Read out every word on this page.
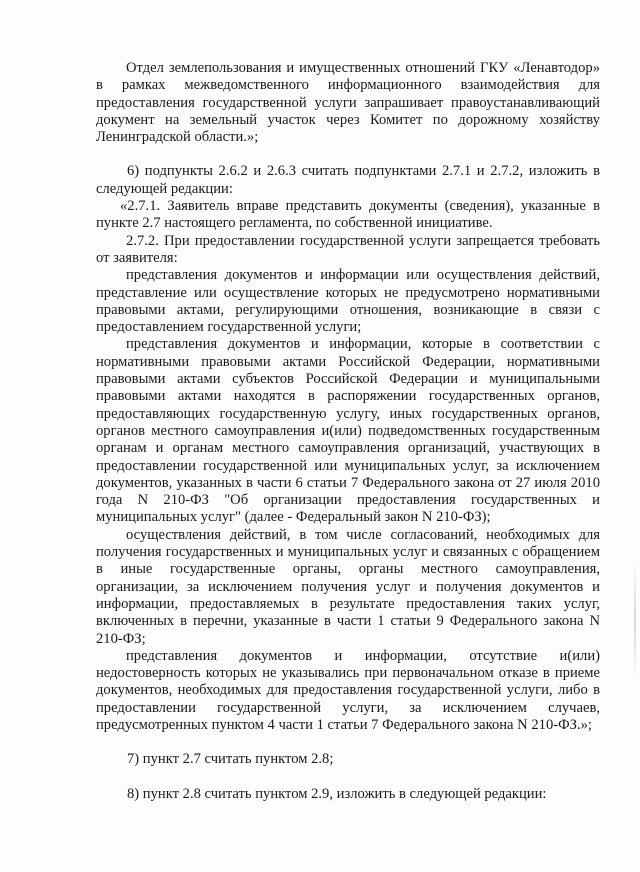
Отдел землепользования и имущественных отношений ГКУ «Ленавтодор» в рамках межведомственного информационного взаимодействия для предоставления государственной услуги запрашивает правоустанавливающий документ на земельный участок через Комитет по дорожному хозяйству Ленинградской области.»;

6) подпункты 2.6.2 и 2.6.3 считать подпунктами 2.7.1 и 2.7.2, изложить в следующей редакции:

«2.7.1. Заявитель вправе представить документы (сведения), указанные в пункте 2.7 настоящего регламента, по собственной инициативе.

2.7.2. При предоставлении государственной услуги запрещается требовать от заявителя:

представления документов и информации или осуществления действий, представление или осуществление которых не предусмотрено нормативными правовыми актами, регулирующими отношения, возникающие в связи с предоставлением государственной услуги;

представления документов и информации, которые в соответствии с нормативными правовыми актами Российской Федерации, нормативными правовыми актами субъектов Российской Федерации и муниципальными правовыми актами находятся в распоряжении государственных органов, предоставляющих государственную услугу, иных государственных органов, органов местного самоуправления и(или) подведомственных государственным органам и органам местного самоуправления организаций, участвующих в предоставлении государственной или муниципальных услуг, за исключением документов, указанных в части 6 статьи 7 Федерального закона от 27 июля 2010 года N 210-ФЗ "Об организации предоставления государственных и муниципальных услуг" (далее - Федеральный закон N 210-ФЗ);

осуществления действий, в том числе согласований, необходимых для получения государственных и муниципальных услуг и связанных с обращением в иные государственные органы, органы местного самоуправления, организации, за исключением получения услуг и получения документов и информации, предоставляемых в результате предоставления таких услуг, включенных в перечни, указанные в части 1 статьи 9 Федерального закона N 210-ФЗ;

представления документов и информации, отсутствие и(или) недостоверность которых не указывались при первоначальном отказе в приеме документов, необходимых для предоставления государственной услуги, либо в предоставлении государственной услуги, за исключением случаев, предусмотренных пунктом 4 части 1 статьи 7 Федерального закона N 210-ФЗ.»;

7) пункт 2.7 считать пунктом 2.8;

8) пункт 2.8 считать пунктом 2.9, изложить в следующей редакции:
